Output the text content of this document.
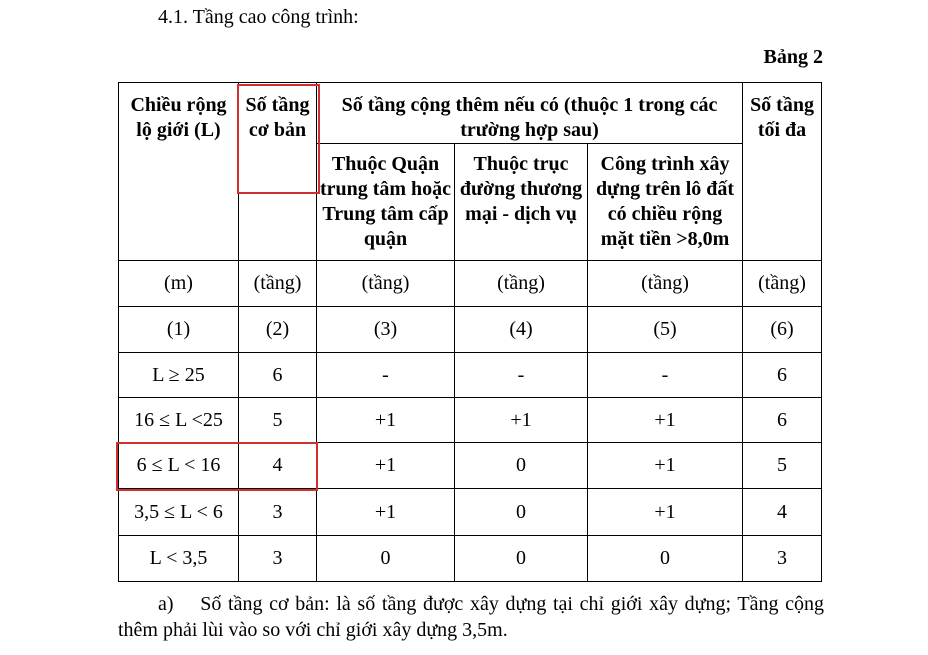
4.1. Tầng cao công trình:
Bảng 2
Chiều rộng lộ giới (L)	Số tầng cơ bản	Số tầng cộng thêm nếu có (thuộc 1 trong các trường hợp sau)			Số tầng tối đa
		Thuộc Quận trung tâm hoặc Trung tâm cấp quận	Thuộc trục đường thương mại - dịch vụ	Công trình xây dựng trên lô đất có chiều rộng mặt tiền >8,0m	
(m)	(tầng)	(tầng)	(tầng)	(tầng)	(tầng)
(1)	(2)	(3)	(4)	(5)	(6)
L ≥ 25	6	-	-	-	6
16 ≤ L <25	5	+1	+1	+1	6
6 ≤ L < 16	4	+1	0	+1	5
3,5 ≤ L < 6	3	+1	0	+1	4
L < 3,5	3	0	0	0	3
a) Số tầng cơ bản: là số tầng được xây dựng tại chỉ giới xây dựng; Tầng cộng thêm phải lùi vào so với chỉ giới xây dựng 3,5m.
